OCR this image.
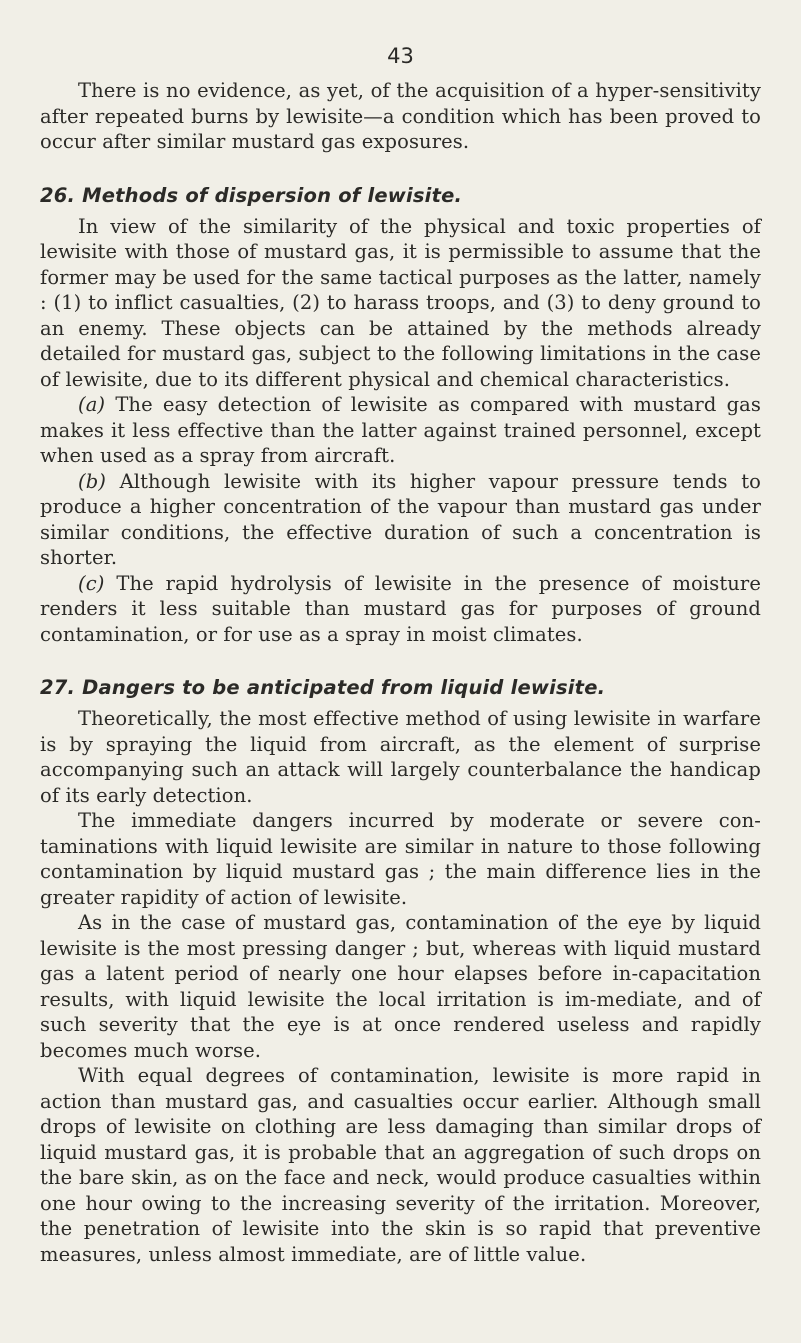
43

There is no evidence, as yet, of the acquisition of a hyper-sensitivity after repeated burns by lewisite—a condition which has been proved to occur after similar mustard gas exposures.

26. Methods of dispersion of lewisite.

In view of the similarity of the physical and toxic properties of lewisite with those of mustard gas, it is permissible to assume that the former may be used for the same tactical purposes as the latter, namely : (1) to inflict casualties, (2) to harass troops, and (3) to deny ground to an enemy. These objects can be attained by the methods already detailed for mustard gas, subject to the following limitations in the case of lewisite, due to its different physical and chemical characteristics.

(a) The easy detection of lewisite as compared with mustard gas makes it less effective than the latter against trained personnel, except when used as a spray from aircraft.

(b) Although lewisite with its higher vapour pressure tends to produce a higher concentration of the vapour than mustard gas under similar conditions, the effective duration of such a concentration is shorter.

(c) The rapid hydrolysis of lewisite in the presence of moisture renders it less suitable than mustard gas for purposes of ground contamination, or for use as a spray in moist climates.

27. Dangers to be anticipated from liquid lewisite.

Theoretically, the most effective method of using lewisite in warfare is by spraying the liquid from aircraft, as the element of surprise accompanying such an attack will largely counterbalance the handicap of its early detection.

The immediate dangers incurred by moderate or severe con-taminations with liquid lewisite are similar in nature to those following contamination by liquid mustard gas ; the main difference lies in the greater rapidity of action of lewisite.

As in the case of mustard gas, contamination of the eye by liquid lewisite is the most pressing danger ; but, whereas with liquid mustard gas a latent period of nearly one hour elapses before in-capacitation results, with liquid lewisite the local irritation is im-mediate, and of such severity that the eye is at once rendered useless and rapidly becomes much worse.

With equal degrees of contamination, lewisite is more rapid in action than mustard gas, and casualties occur earlier. Although small drops of lewisite on clothing are less damaging than similar drops of liquid mustard gas, it is probable that an aggregation of such drops on the bare skin, as on the face and neck, would produce casualties within one hour owing to the increasing severity of the irritation. Moreover, the penetration of lewisite into the skin is so rapid that preventive measures, unless almost immediate, are of little value.
